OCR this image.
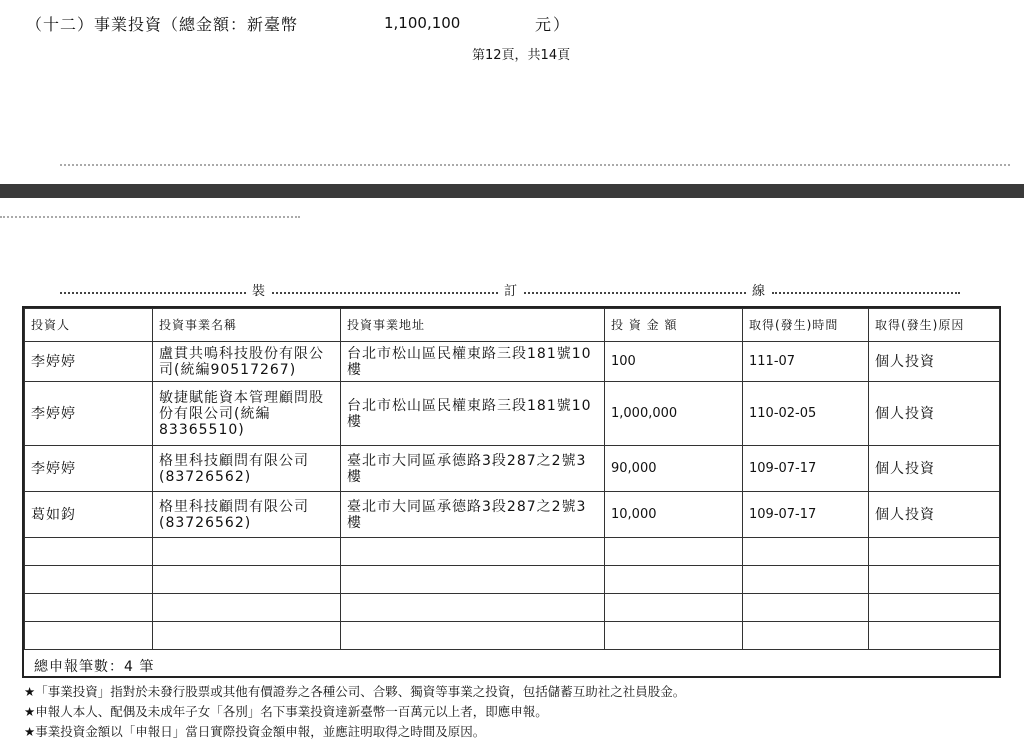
（十二）事業投資（總金額：新臺幣	1,100,100	元）
第12頁，共14頁
裝	訂	線
投資人	投資事業名稱	投資事業地址	投 資 金 額	取得(發生)時間	取得(發生)原因
李婷婷	盧貫共鳴科技股份有限公司(統編90517267)	台北市松山區民權東路三段181號10樓	100	111-07	個人投資
李婷婷	敏捷賦能資本管理顧問股份有限公司(統編83365510)	台北市松山區民權東路三段181號10樓	1,000,000	110-02-05	個人投資
李婷婷	格里科技顧問有限公司(83726562)	臺北市大同區承德路3段287之2號3樓	90,000	109-07-17	個人投資
葛如鈞	格里科技顧問有限公司(83726562)	臺北市大同區承德路3段287之2號3樓	10,000	109-07-17	個人投資

總申報筆數：4 筆
★「事業投資」指對於未發行股票或其他有價證券之各種公司、合夥、獨資等事業之投資，包括儲蓄互助社之社員股金。
★申報人本人、配偶及未成年子女「各別」名下事業投資達新臺幣一百萬元以上者，即應申報。
★事業投資金額以「申報日」當日實際投資金額申報，並應註明取得之時間及原因。
